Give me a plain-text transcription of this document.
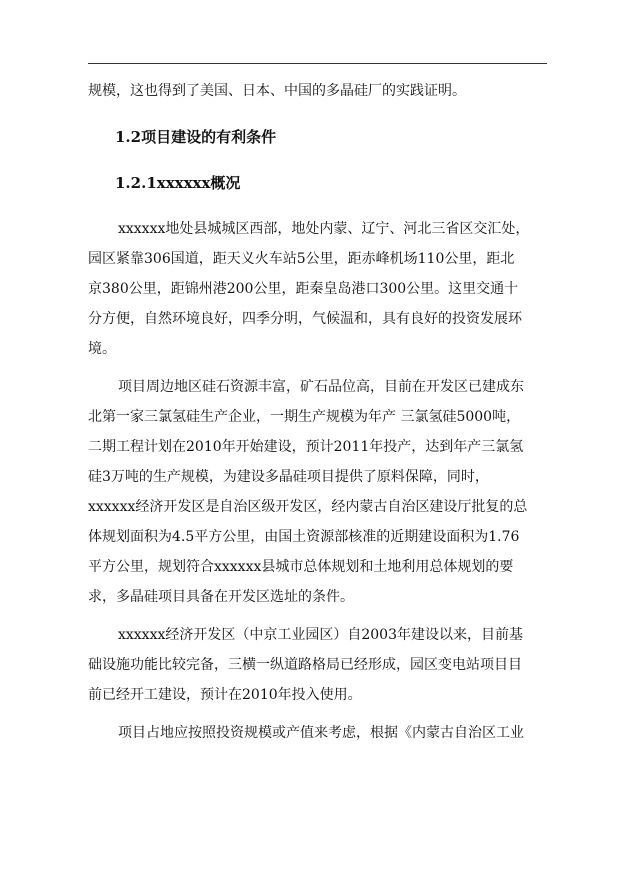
规模，这也得到了美国、日本、中国的多晶硅厂的实践证明。
1.2项目建设的有利条件
1.2.1xxxxxx概况
xxxxxx地处县城城区西部，地处内蒙、辽宁、河北三省区交汇处，
园区紧靠306国道，距天义火车站5公里，距赤峰机场110公里，距北
京380公里，距锦州港200公里，距秦皇岛港口300公里。这里交通十
分方便，自然环境良好，四季分明，气候温和，具有良好的投资发展环
境。
项目周边地区硅石资源丰富，矿石品位高，目前在开发区已建成东
北第一家三氯氢硅生产企业，一期生产规模为年产 三氯氢硅5000吨，
二期工程计划在2010年开始建设，预计2011年投产，达到年产三氯氢
硅3万吨的生产规模，为建设多晶硅项目提供了原料保障，同时，
xxxxxx经济开发区是自治区级开发区，经内蒙古自治区建设厅批复的总
体规划面积为4.5平方公里，由国土资源部核准的近期建设面积为1.76
平方公里，规划符合xxxxxx县城市总体规划和土地利用总体规划的要
求，多晶硅项目具备在开发区选址的条件。
xxxxxx经济开发区（中京工业园区）自2003年建设以来，目前基
础设施功能比较完备，三横一纵道路格局已经形成，园区变电站项目目
前已经开工建设，预计在2010年投入使用。
项目占地应按照投资规模或产值来考虑，根据《内蒙古自治区工业
